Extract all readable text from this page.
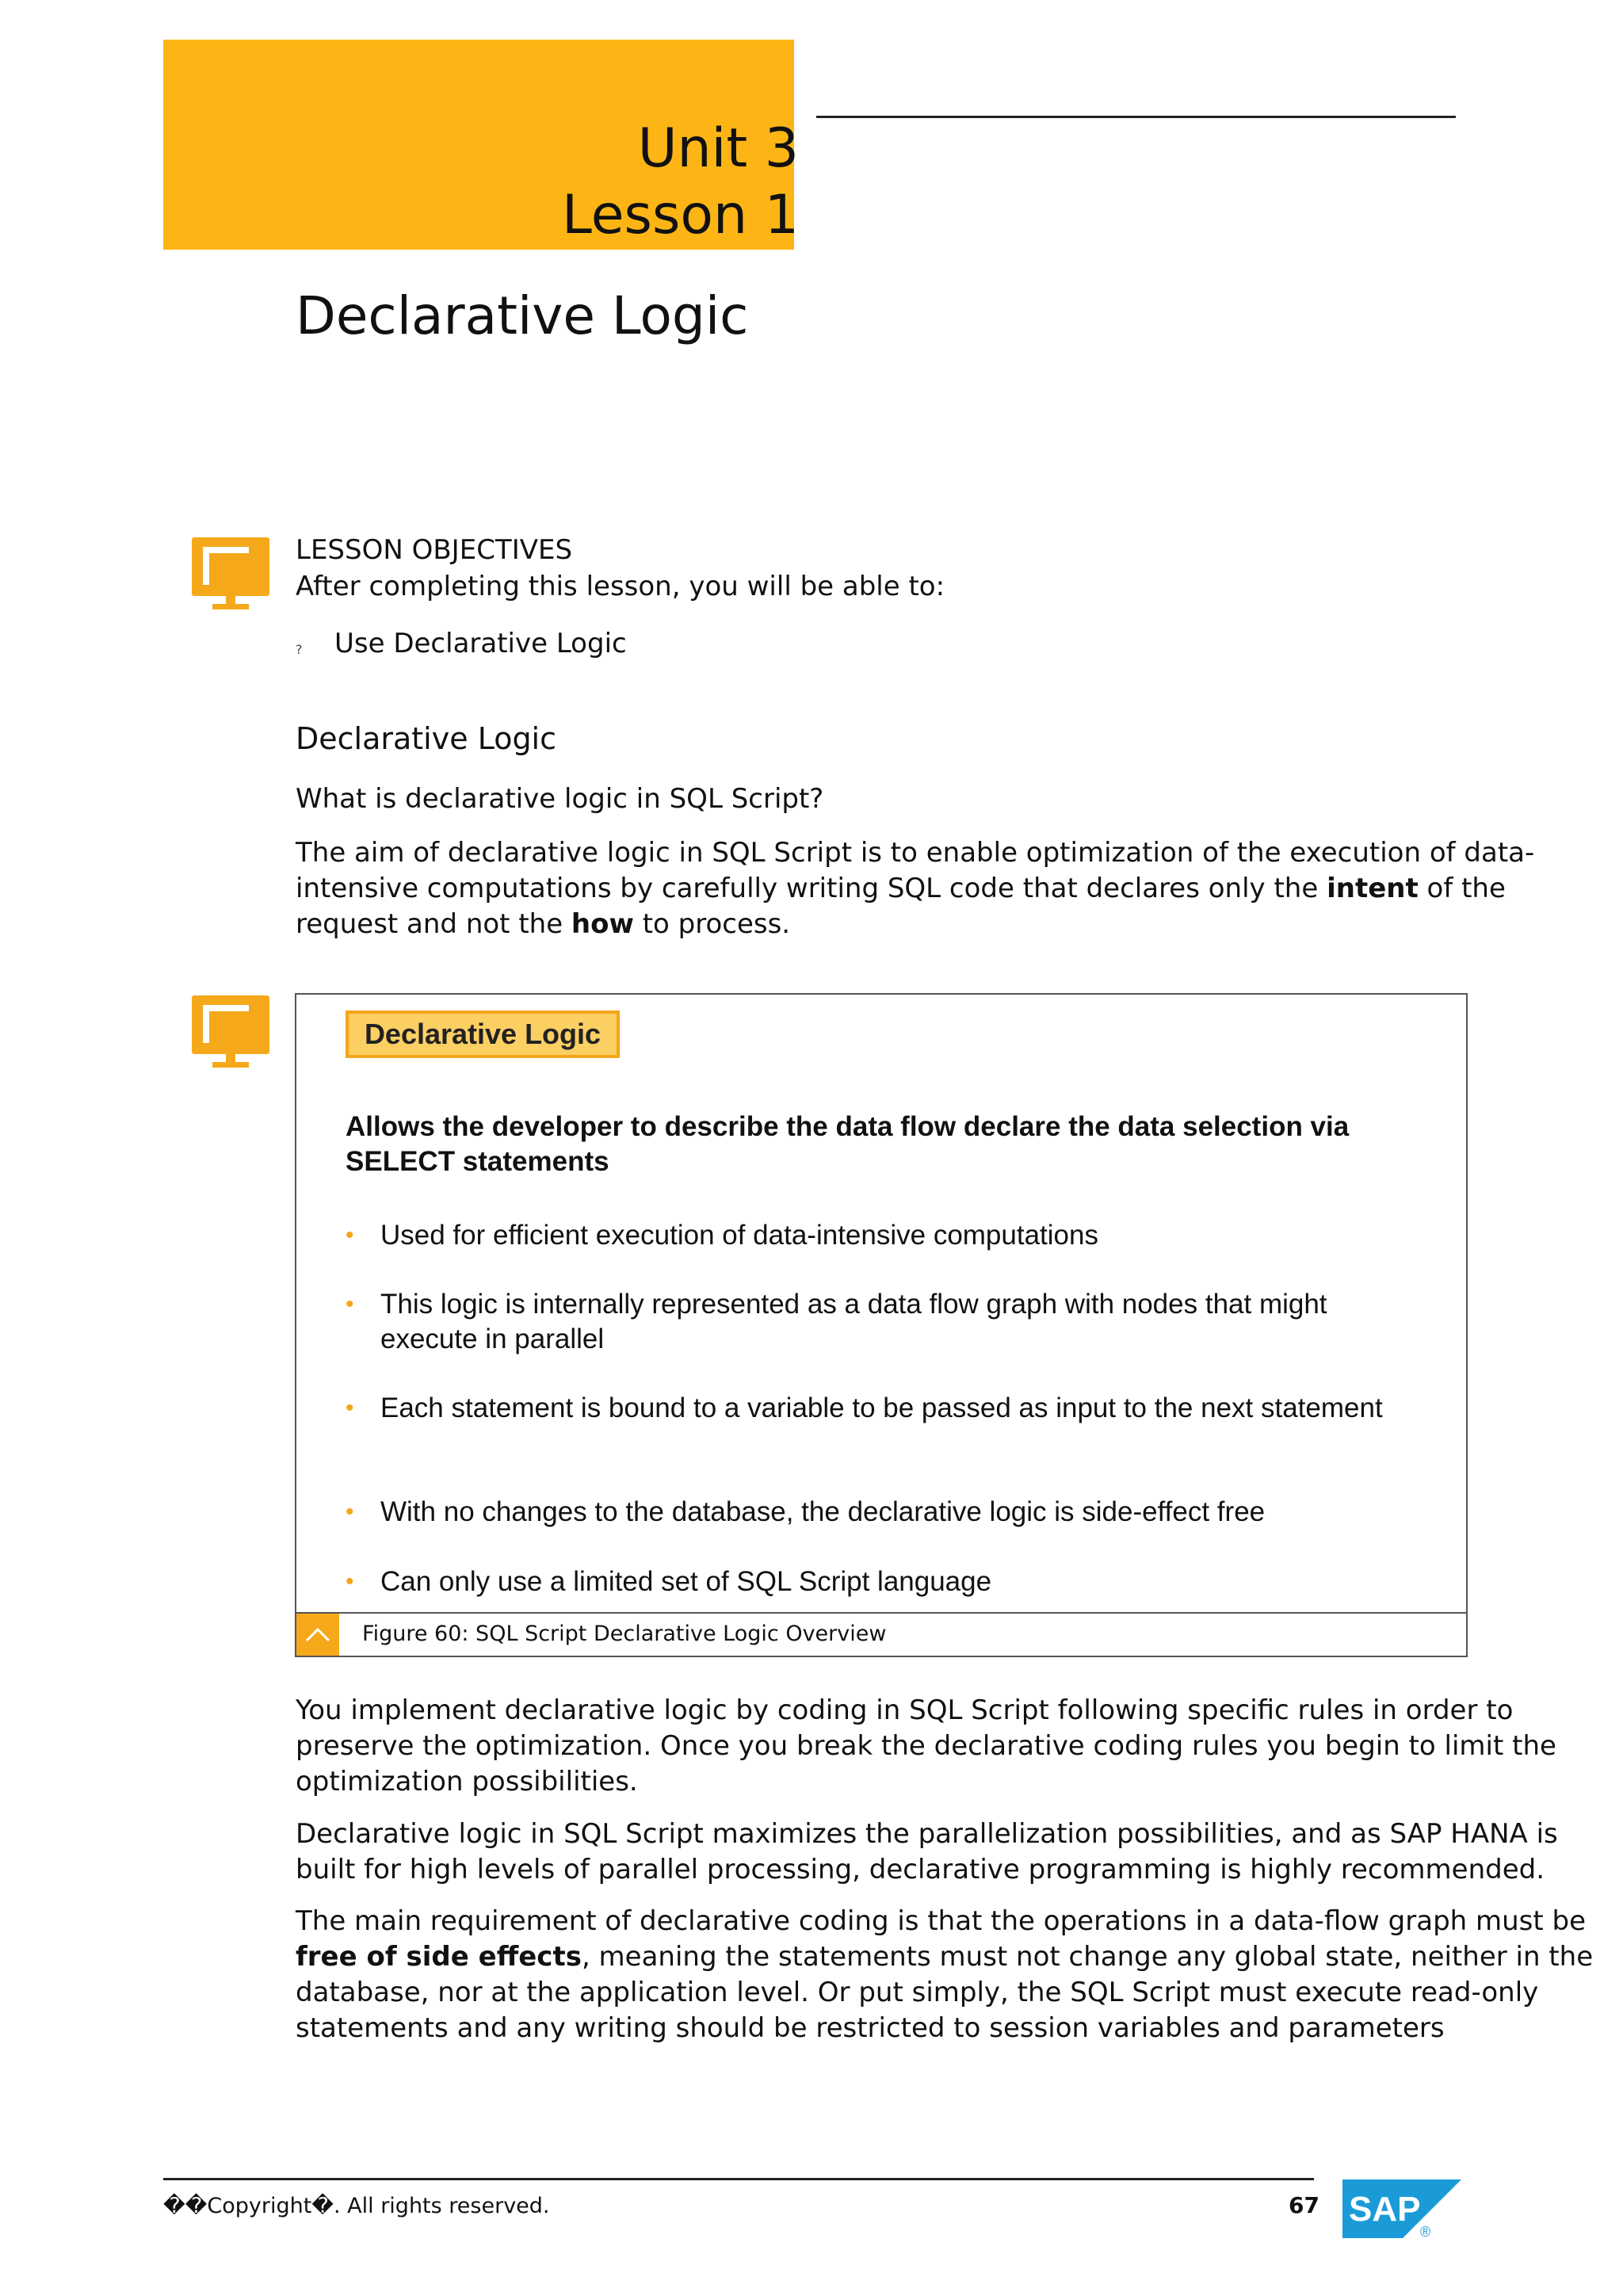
Unit 3
Lesson 1
Declarative Logic
LESSON OBJECTIVES
After completing this lesson, you will be able to:
? Use Declarative Logic
Declarative Logic
What is declarative logic in SQL Script?
The aim of declarative logic in SQL Script is to enable optimization of the execution of data-intensive computations by carefully writing SQL code that declares only the intent of the request and not the how to process.
Declarative Logic
Allows the developer to describe the data flow declare the data selection via SELECT statements
• Used for efficient execution of data-intensive computations
• This logic is internally represented as a data flow graph with nodes that might execute in parallel
• Each statement is bound to a variable to be passed as input to the next statement
• With no changes to the database, the declarative logic is side-effect free
• Can only use a limited set of SQL Script language
Figure 60: SQL Script Declarative Logic Overview
You implement declarative logic by coding in SQL Script following specific rules in order to preserve the optimization. Once you break the declarative coding rules you begin to limit the optimization possibilities.
Declarative logic in SQL Script maximizes the parallelization possibilities, and as SAP HANA is built for high levels of parallel processing, declarative programming is highly recommended.
The main requirement of declarative coding is that the operations in a data-flow graph must be free of side effects, meaning the statements must not change any global state, neither in the database, nor at the application level. Or put simply, the SQL Script must execute read-only statements and any writing should be restricted to session variables and parameters
��Copyright�. All rights reserved.	67 SAP
®
